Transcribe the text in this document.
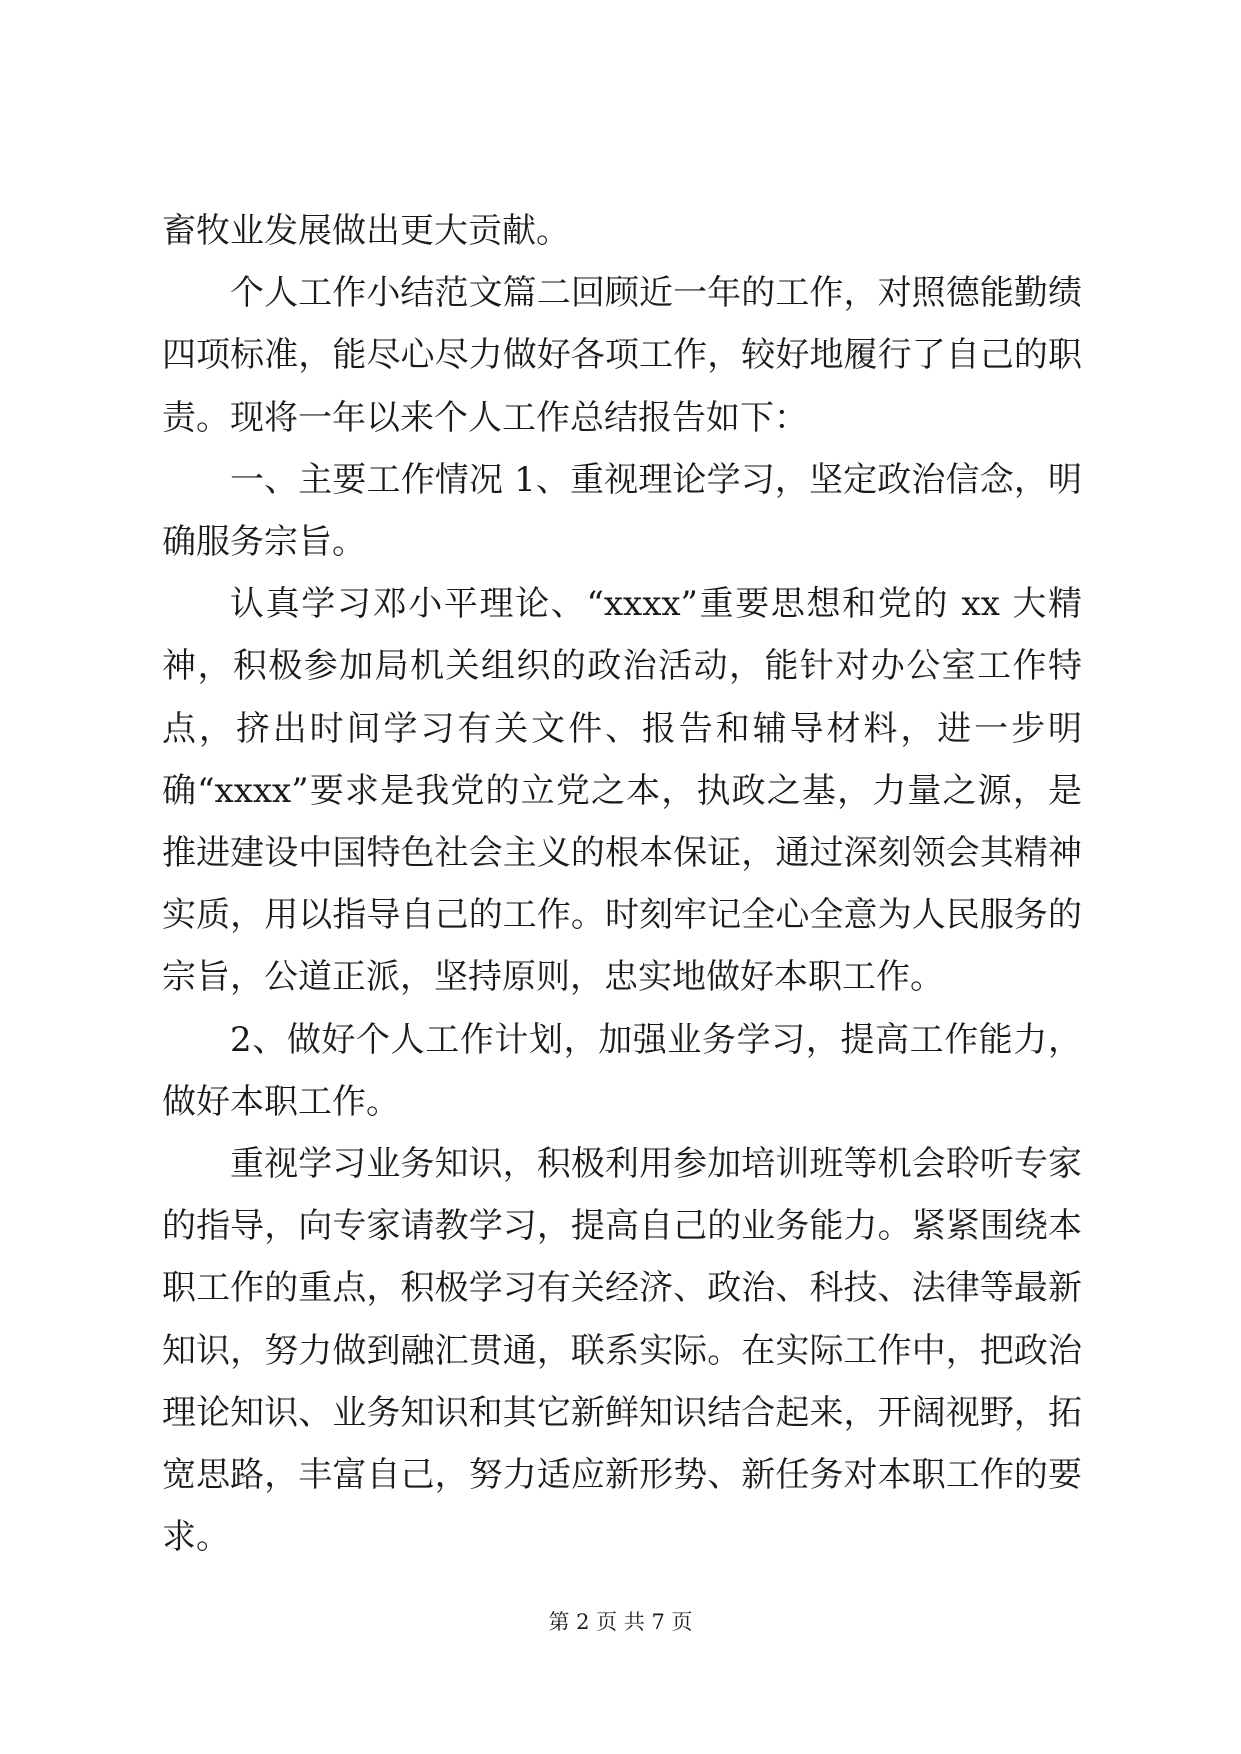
畜牧业发展做出更大贡献。

个人工作小结范文篇二回顾近一年的工作，对照德能勤绩四项标准，能尽心尽力做好各项工作，较好地履行了自己的职责。现将一年以来个人工作总结报告如下：

一、主要工作情况 1、重视理论学习，坚定政治信念，明确服务宗旨。

认真学习邓小平理论、“xxxx”重要思想和党的 xx 大精神，积极参加局机关组织的政治活动，能针对办公室工作特点，挤出时间学习有关文件、报告和辅导材料，进一步明确“xxxx”要求是我党的立党之本，执政之基，力量之源，是推进建设中国特色社会主义的根本保证，通过深刻领会其精神实质，用以指导自己的工作。时刻牢记全心全意为人民服务的宗旨，公道正派，坚持原则，忠实地做好本职工作。

2、做好个人工作计划，加强业务学习，提高工作能力，做好本职工作。

重视学习业务知识，积极利用参加培训班等机会聆听专家的指导，向专家请教学习，提高自己的业务能力。紧紧围绕本职工作的重点，积极学习有关经济、政治、科技、法律等最新知识，努力做到融汇贯通，联系实际。在实际工作中，把政治理论知识、业务知识和其它新鲜知识结合起来，开阔视野，拓宽思路，丰富自己，努力适应新形势、新任务对本职工作的要求。

第 2 页 共 7 页
